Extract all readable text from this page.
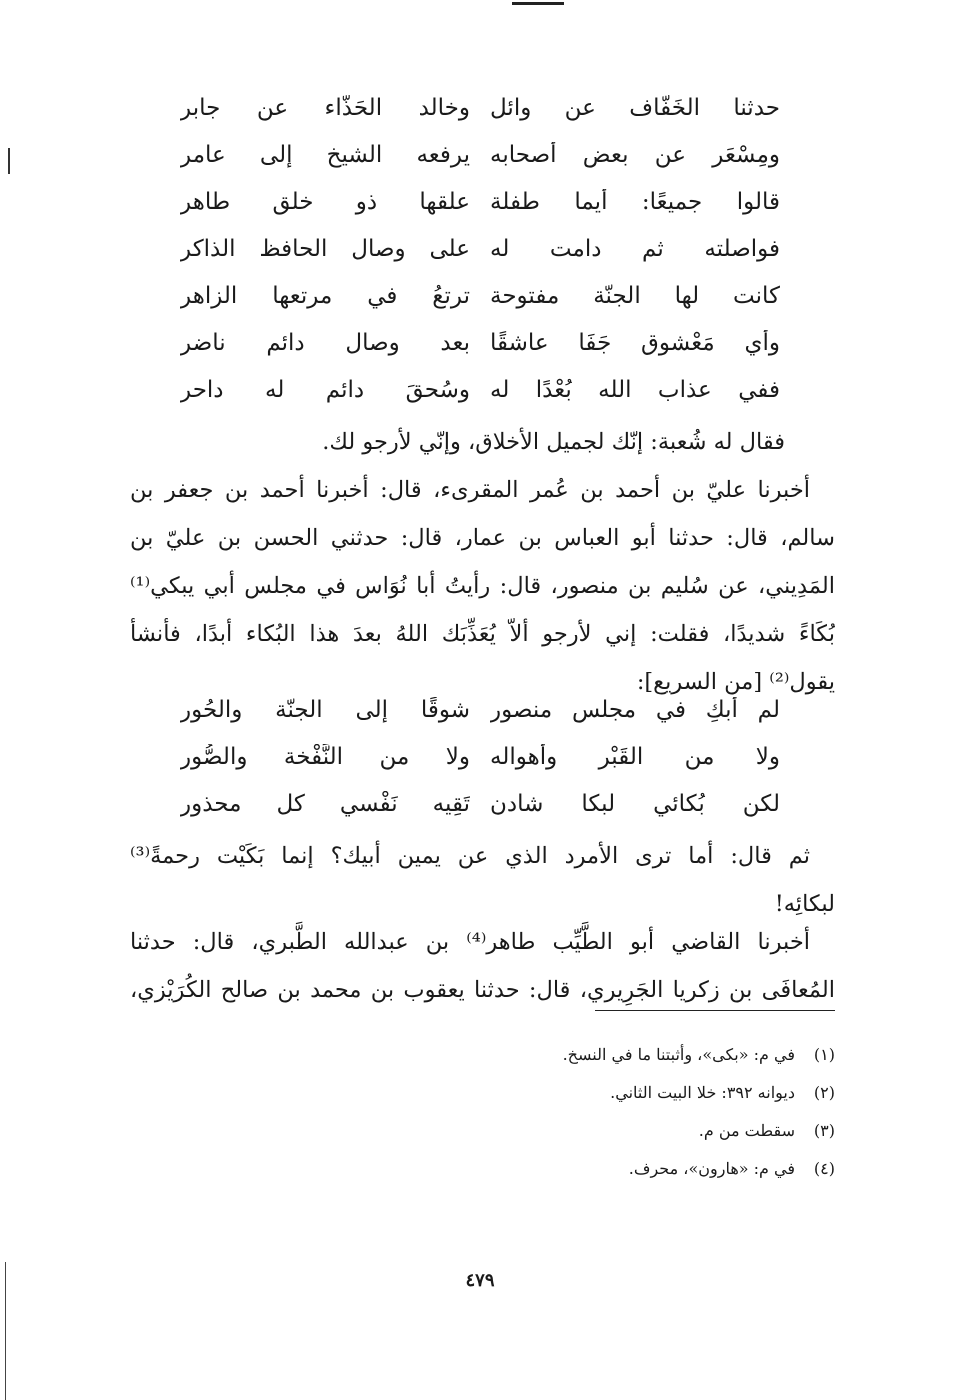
حدثنا الخَفَّاف عن وائل
وخالد الحَذَّاء عن جابر
ومِسْعَر عن بعض أصحابه
يرفعه الشيخ إلى عامر
قالوا جميعًا: أيما طفلة
علقها ذو خلق طاهر
فواصلته ثم دامت له
على وصال الحافظ الذاكر
كانت لها الجنّة مفتوحة
ترتعُ في مرتعها الزاهر
وأي مَعْشوق جَفَا عاشقًا
بعد وصال دائم ناضر
ففي عذاب الله بُعْدًا له
وسُحقَ دائم له داحر
فقال له شُعبة: إنّك لجميل الأخلاق، وإنّي لأرجو لك.
أخبرنا عليّ بن أحمد بن عُمر المقرىء، قال: أخبرنا أحمد بن جعفر بن
سالم، قال: حدثنا أبو العباس بن عمار، قال: حدثني الحسن بن عليّ بن
المَدِيني، عن سُليم بن منصور، قال: رأيتُ أبا نُوَاس في مجلس أبي يبكي⁽¹⁾
بُكَاءً شديدًا، فقلت: إني لأرجو ألاّ يُعَذِّبَك اللهُ بعدَ هذا البُكاء أبدًا، فأنشأ
يقول⁽²⁾ [من السريع]:
لم أبكِ في مجلس منصور
شوقًا إلى الجنّة والحُور
ولا من القَبْر وأهواله
ولا من النَّفْخة والصُّور
لكن بُكائي لبكا شادن
تَقِيه نَفْسي كل محذور
ثم قال: أما ترى الأمرد الذي عن يمين أبيك؟ إنما بَكَيْت رحمةً⁽³⁾
لبكائِه!
أخبرنا القاضي أبو الطَّيِّب طاهر⁽⁴⁾ بن عبدالله الطَّبري، قال: حدثنا
المُعافَى بن زكريا الجَرِيري، قال: حدثنا يعقوب بن محمد بن صالح الكُرَيْزي،
(١)في م: «بكى»، وأثبتنا ما في النسخ.
(٢)ديوانه ٣٩٢: خلا البيت الثاني.
(٣)سقطت من م.
(٤)في م: «هارون»، محرف.
٤٧٩
